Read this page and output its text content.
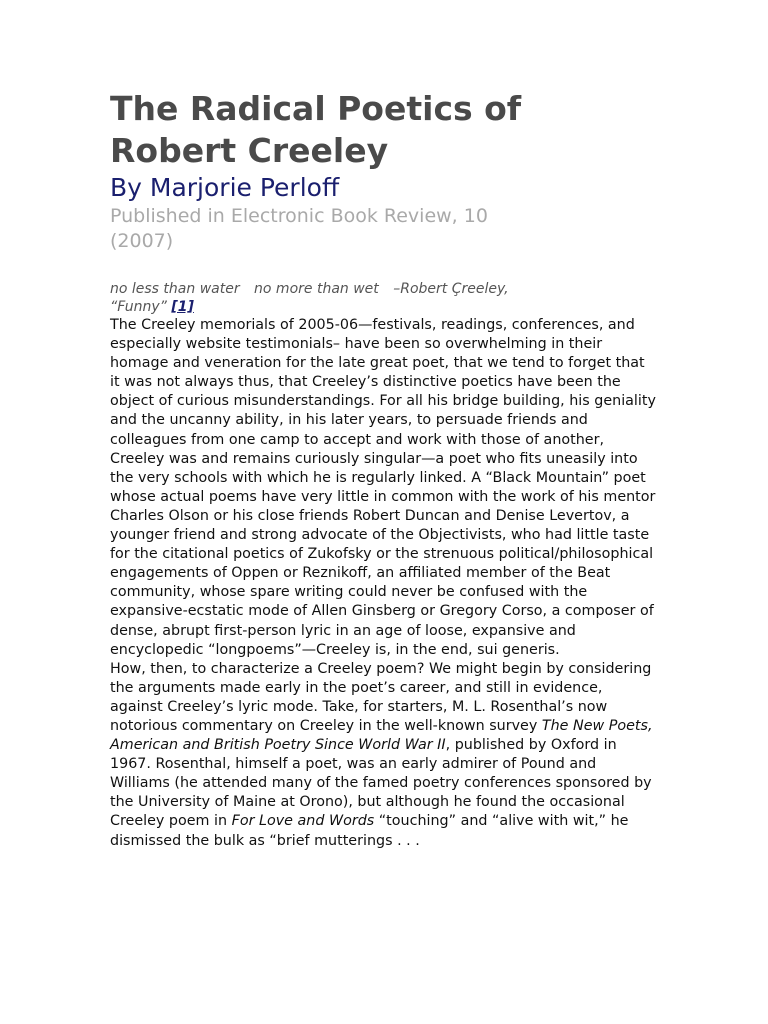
The Radical Poetics of
Robert Creeley
By Marjorie Perloff
Published in Electronic Book Review, 10
(2007)
no less than water no more than wet –Robert Çreeley,
“Funny” [1]

The Creeley memorials of 2005-06—festivals, readings, conferences, and especially website testimonials– have been so overwhelming in their homage and veneration for the late great poet, that we tend to forget that it was not always thus, that Creeley’s distinctive poetics have been the object of curious misunderstandings. For all his bridge building, his geniality and the uncanny ability, in his later years, to persuade friends and colleagues from one camp to accept and work with those of another, Creeley was and remains curiously singular—a poet who fits uneasily into the very schools with which he is regularly linked. A “Black Mountain” poet whose actual poems have very little in common with the work of his mentor Charles Olson or his close friends Robert Duncan and Denise Levertov, a younger friend and strong advocate of the Objectivists, who had little taste for the citational poetics of Zukofsky or the strenuous political/philosophical engagements of Oppen or Reznikoff, an affiliated member of the Beat community, whose spare writing could never be confused with the expansive-ecstatic mode of Allen Ginsberg or Gregory Corso, a composer of dense, abrupt first-person lyric in an age of loose, expansive and encyclopedic “longpoems”—Creeley is, in the end, sui generis.

How, then, to characterize a Creeley poem? We might begin by considering the arguments made early in the poet’s career, and still in evidence, against Creeley’s lyric mode. Take, for starters, M. L. Rosenthal’s now notorious commentary on Creeley in the well-known survey The New Poets, American and British Poetry Since World War II, published by Oxford in 1967. Rosenthal, himself a poet, was an early admirer of Pound and Williams (he attended many of the famed poetry conferences sponsored by the University of Maine at Orono), but although he found the occasional Creeley poem in For Love and Words “touching” and “alive with wit,” he dismissed the bulk as “brief mutterings . . .
